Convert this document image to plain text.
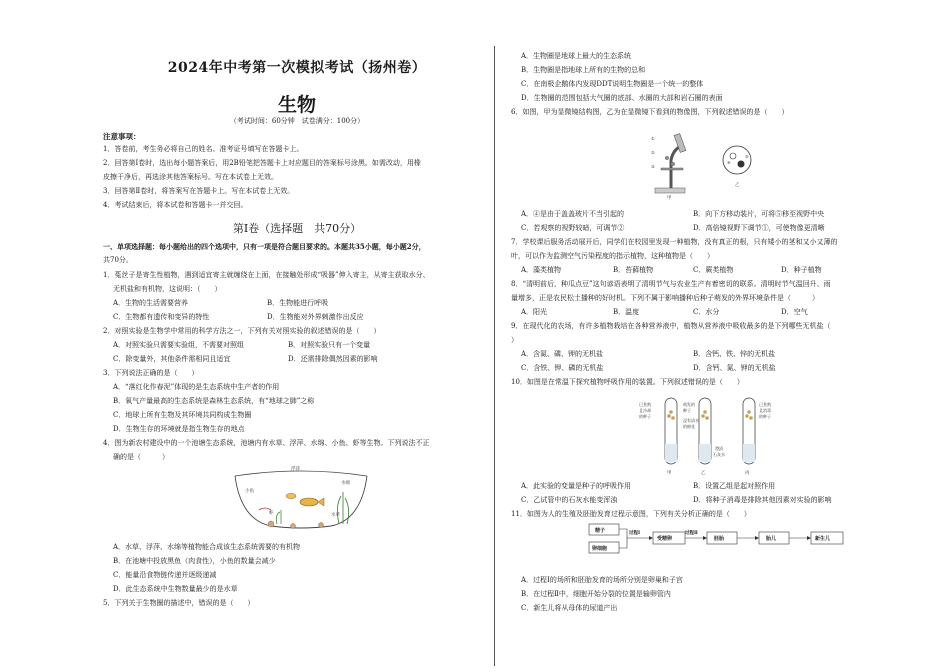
2024年中考第一次模拟考试（扬州卷）
生物
（考试时间：60分钟　试卷满分：100分）
注意事项：
1．答卷前，考生务必将自己的姓名、准考证号填写在答题卡上。
2．回答第Ⅰ卷时，选出每小题答案后，用2B铅笔把答题卡上对应题目的答案标号涂黑。如需改动，用橡
皮擦干净后，再选涂其他答案标号。写在本试卷上无效。
3．回答第Ⅱ卷时，将答案写在答题卡上。写在本试卷上无效。
4．考试结束后，将本试卷和答题卡一并交回。
第Ⅰ卷（选择题　共70分）
一、单项选择题：每小题给出的四个选项中，只有一项是符合题目要求的。本题共35小题，每小题2分，
共70分。
1．菟丝子是寄生性植物，遇到适宜寄主就缠绕在上面，在接触处形成“吸器”伸入寄主，从寄主获取水分、
无机盐和有机物，这说明：（　　）
A．生物的生活需要营养	B．生物能进行呼吸
C．生物都有遗传和变异的特性	D．生物能对外界刺激作出反应
2．对照实验是生物学中常用的科学方法之一，下列有关对照实验的叙述错误的是（　　）
A．对照实验只需要实验组，不需要对照组	B．对照实验只有一个变量
C．除变量外，其他条件需相同且适宜	D．还需排除偶然因素的影响
3．下列说法正确的是（　　）
A．“落红化作春泥”体现的是生态系统中生产者的作用
B．氧气产量最高的生态系统是森林生态系统，有“地球之肺”之称
C．地球上所有生物及其环境共同构成生物圈
D．生物生存的环境就是指生物生存的地点
4．图为新农村建设中的一个池塘生态系统，池塘内有水草、浮萍、水绵、小鱼、虾等生物。下列说法不正
确的是（　　　）
浮萍
水绵
小鱼
虾	水草
A．水草、浮萍、水绵等植物能合成该生态系统需要的有机物
B．在池塘中投放黑鱼（肉食性），小鱼的数量会减少
C．能量沿食物链传递并逐级递减
D．此生态系统中生物数量最少的是水草
5．下列关于生物圈的描述中，错误的是（　　）
A．生物圈是地球上最大的生态系统
B．生物圈是指地球上所有的生物的总和
C．在南极企鹅体内发现DDT说明生物圈是一个统一的整体
D．生物圈的范围包括大气圈的底部、水圈的大部和岩石圈的表面
6．如图，甲为显微镜结构图，乙为在显微镜下看到的物像图，下列叙述错误的是（　　）
①
②
③
甲
④
⑤
乙
A．④是由于盖盖玻片不当引起的	B．向下方移动装片，可将⑤移至视野中央
C．若观察的视野较暗，可调节②	D．高倍镜视野下调节①，可使物像更清晰
7．学校课后服务活动展开后，同学们在校园里发现一种植物，没有真正的根，只有矮小的茎和又小又薄的
叶，可以作为监测空气污染程度的指示植物，这种植物是（　　）
A．藻类植物	B．苔藓植物	C．蕨类植物	D．种子植物
8．“清明前后，种瓜点豆”这句谚语表明了清明节气与农业生产有着密切的联系。清明时节气温回升、雨
量增多，正是农民松土播种的好时机。下列不属于影响播种后种子萌发的外界环境条件是（　　　）
A．阳光	B．温度	C．水分	D．空气
9．在现代化的农场，有许多植物栽培在各种营养液中，植物从营养液中吸收最多的是下列哪些无机盐（
）
A．含氮、磷、钾的无机盐	B．含钙、铁、锌的无机盐
C．含铁、钾、磷的无机盐	D．含钙、氮、钾的无机盐
10．如图是在常温下探究植物呼吸作用的装置。下列叙述错误的是（　　）
已煮熟
且冷却
的种子
甲
萌发的
种子
浸有清水
的棉花
澄清
石灰水
乙
已煮熟
且消毒
的种子
丙
A．此实验的变量是种子的呼吸作用	B．设置乙组是起对照作用
C．乙试管中的石灰水能变浑浊	D．将种子消毒是排除其他因素对实验的影响
11．如图为人的生殖及胚胎发育过程示意图，下列有关分析正确的是（　　）
精子
卵细胞
过程Ⅰ
受精卵
过程Ⅱ
胚胎	胎儿	新生儿
A．过程Ⅰ的场所和胚胎发育的场所分别是卵巢和子宫
B．在过程Ⅱ中，细胞开始分裂的位置是输卵管内
C．新生儿将从母体的尿道产出
